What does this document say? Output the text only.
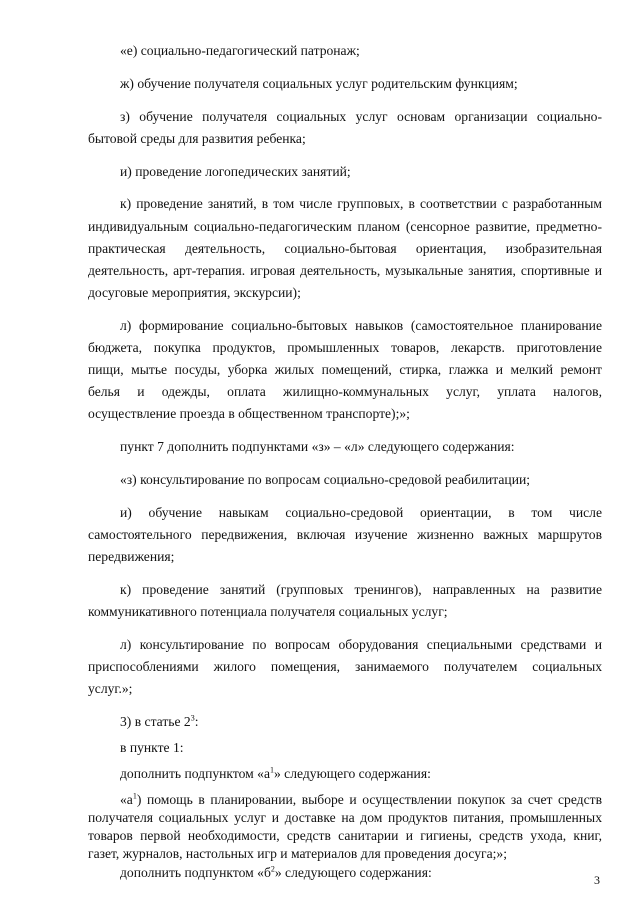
«е) социально-педагогический патронаж;
ж) обучение получателя социальных услуг родительским функциям;
з) обучение получателя социальных услуг основам организации социально-
бытовой среды для развития ребенка;
и) проведение логопедических занятий;
к) проведение занятий, в том числе групповых, в соответствии с разработанным
индивидуальным социально-педагогическим планом (сенсорное развитие, предметно-
практическая деятельность, социально-бытовая ориентация, изобразительная
деятельность, арт-терапия. игровая деятельность, музыкальные занятия, спортивные и
досуговые мероприятия, экскурсии);
л) формирование социально-бытовых навыков (самостоятельное планирование
бюджета, покупка продуктов, промышленных товаров, лекарств. приготовление
пищи, мытье посуды, уборка жилых помещений, стирка, глажка и мелкий ремонт
белья и одежды, оплата жилищно-коммунальных услуг, уплата налогов,
осуществление проезда в общественном транспорте);»;
пункт 7 дополнить подпунктами «з» – «л» следующего содержания:
«з) консультирование по вопросам социально-средовой реабилитации;
и) обучение навыкам социально-средовой ориентации, в том числе
самостоятельного передвижения, включая изучение жизненно важных маршрутов
передвижения;
к) проведение занятий (групповых тренингов), направленных на развитие
коммуникативного потенциала получателя социальных услуг;
л) консультирование по вопросам оборудования специальными средствами и
приспособлениями жилого помещения, занимаемого получателем социальных
услуг.»;
3) в статье $2^3$:
в пункте 1:
дополнить подпунктом «$а^1$» следующего содержания:
«$а^1$) помощь в планировании, выборе и осуществлении покупок за счет средств
получателя социальных услуг и доставке на дом продуктов питания, промышленных
товаров первой необходимости, средств санитарии и гигиены, средств ухода, книг,
газет, журналов, настольных игр и материалов для проведения досуга;»;
дополнить подпунктом «$б^2$» следующего содержания:
3
